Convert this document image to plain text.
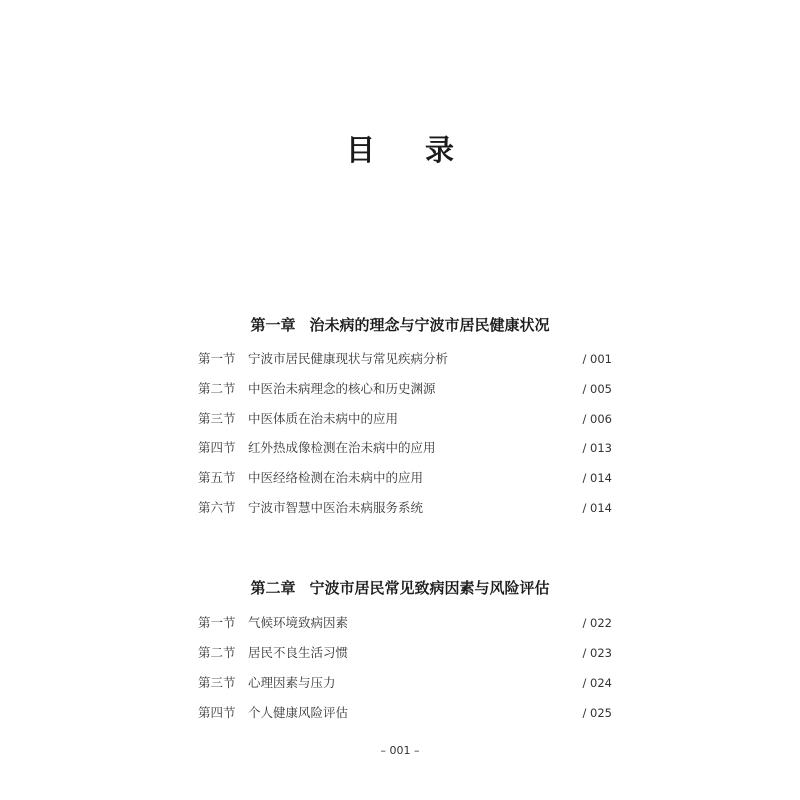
目 录
第一章 治未病的理念与宁波市居民健康状况
第一节 宁波市居民健康现状与常见疾病分析	/ 001
第二节 中医治未病理念的核心和历史渊源	/ 005
第三节 中医体质在治未病中的应用	/ 006
第四节 红外热成像检测在治未病中的应用	/ 013
第五节 中医经络检测在治未病中的应用	/ 014
第六节 宁波市智慧中医治未病服务系统	/ 014
第二章 宁波市居民常见致病因素与风险评估
第一节 气候环境致病因素	/ 022
第二节 居民不良生活习惯	/ 023
第三节 心理因素与压力	/ 024
第四节 个人健康风险评估	/ 025
– 001 –
